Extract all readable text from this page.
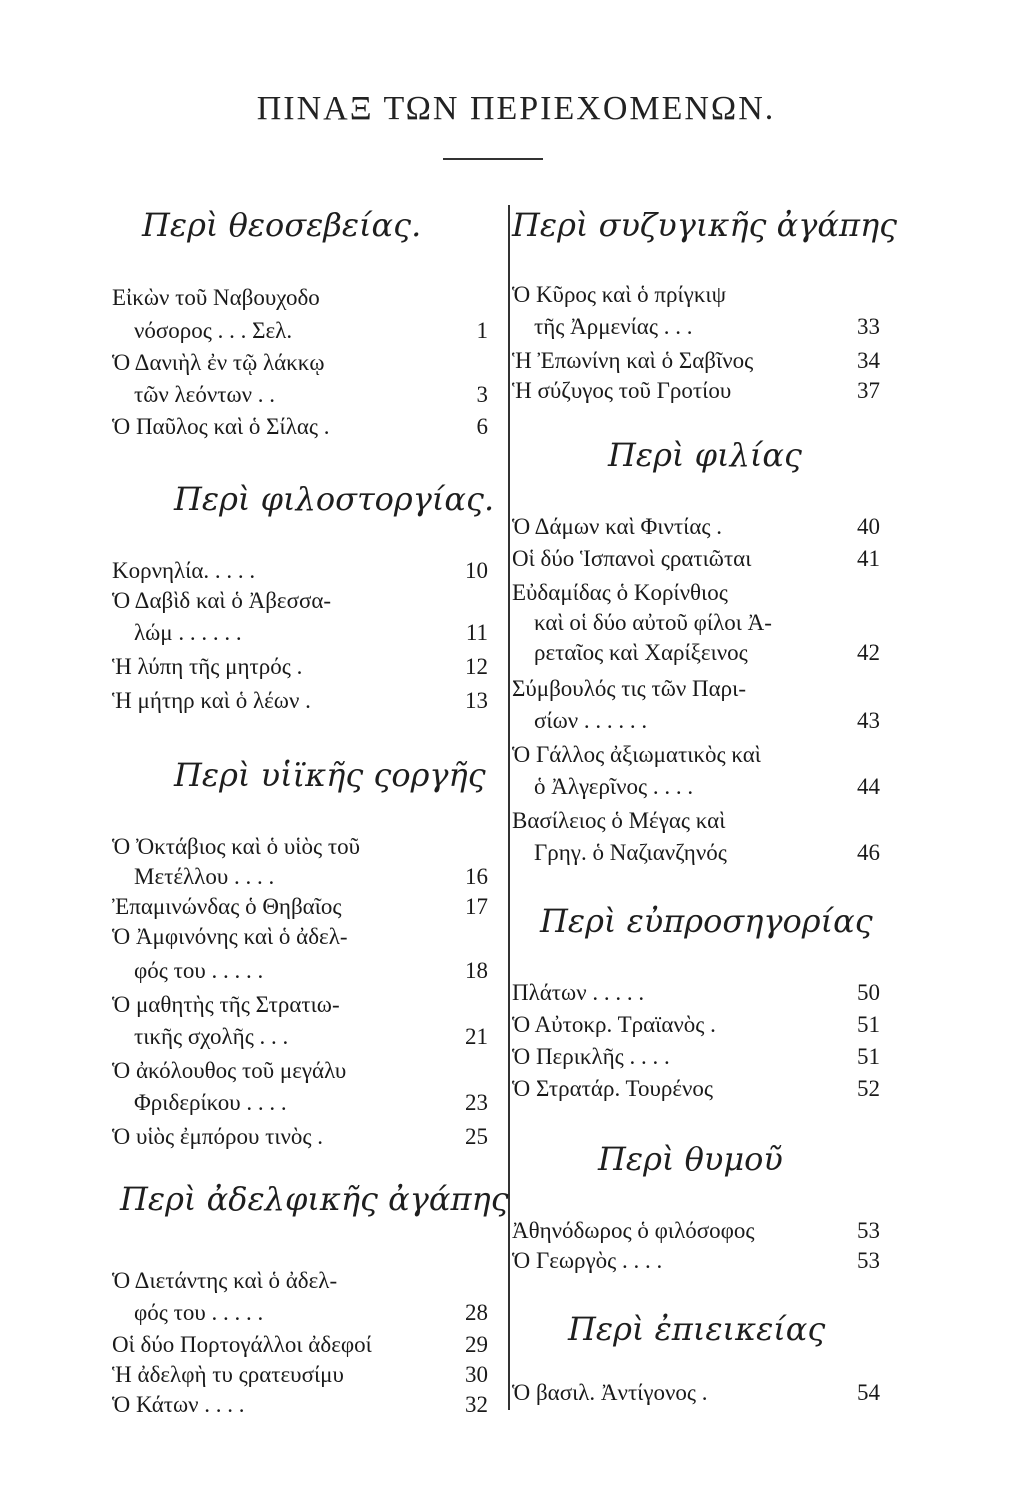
ΠΙΝΑΞ ΤΩΝ ΠΕΡΙΕΧΟΜΕΝΩΝ.
Περὶ θεοσεβείας.
Εἰκὼν τοῦ Ναβουχοδο
νόσορος . . . Σελ.	1
Ὁ Δανιὴλ ἐν τῷ λάκκῳ
τῶν λεόντων . .	3
Ὁ Παῦλος καὶ ὁ Σίλας .	6
Περὶ φιλοστοργίας.
Κορνηλία. . . . .	10
Ὁ Δαβὶδ καὶ ὁ Ἀβεσσα-
λώμ . . . . . .	11
Ἡ λύπη τῆς μητρός .	12
Ἡ μήτηρ καὶ ὁ λέων .	13
Περὶ υἱϊκῆς ςοργῆς
Ὁ Ὀκτάβιος καὶ ὁ υἱὸς τοῦ
Μετέλλου . . . .	16
Ἐπαμινώνδας ὁ Θηβαῖος	17
Ὁ Ἀμφινόνης καὶ ὁ ἀδελ-
φός του . . . . .	18
Ὁ μαθητὴς τῆς Στρατιω-
τικῆς σχολῆς . . .	21
Ὁ ἀκόλουθος τοῦ μεγάλυ
Φριδερίκου . . . .	23
Ὁ υἱὸς ἐμπόρου τινὸς .	25
Περὶ ἀδελφικῆς ἀγάπης
Ὁ Διετάντης καὶ ὁ ἀδελ-
φός του . . . . .	28
Οἱ δύο Πορτογάλλοι ἀδεφοί	29
Ἡ ἀδελφὴ τυ ςρατευσίμυ	30
Ὁ Κάτων . . . .	32
Περὶ συζυγικῆς ἀγάπης
Ὁ Κῦρος καὶ ὁ πρίγκιψ
τῆς Ἀρμενίας . . .	33
Ἡ Ἐπωνίνη καὶ ὁ Σαβῖνος	34
Ἡ σύζυγος τοῦ Γροτίου	37
Περὶ φιλίας
Ὁ Δάμων καὶ Φιντίας .	40
Οἱ δύο Ἱσπανοὶ ςρατιῶται	41
Εὐδαμίδας ὁ Κορίνθιος
καὶ οἱ δύο αὐτοῦ φίλοι Ἀ-
ρεταῖος καὶ Χαρίξεινος	42
Σύμβουλός τις τῶν Παρι-
σίων . . . . . .	43
Ὁ Γάλλος ἀξιωματικὸς καὶ
ὁ Ἀλγερῖνος . . . .	44
Βασίλειος ὁ Μέγας καὶ
Γρηγ. ὁ Ναζιανζηνός	46
Περὶ εὐπροσηγορίας
Πλάτων . . . . .	50
Ὁ Αὐτοκρ. Τραϊανὸς .	51
Ὁ Περικλῆς . . . .	51
Ὁ Στρατάρ. Τουρένος	52
Περὶ θυμοῦ
Ἀθηνόδωρος ὁ φιλόσοφος	53
Ὁ Γεωργὸς . . . .	53
Περὶ ἐπιεικείας
Ὁ βασιλ. Ἀντίγονος .	54
